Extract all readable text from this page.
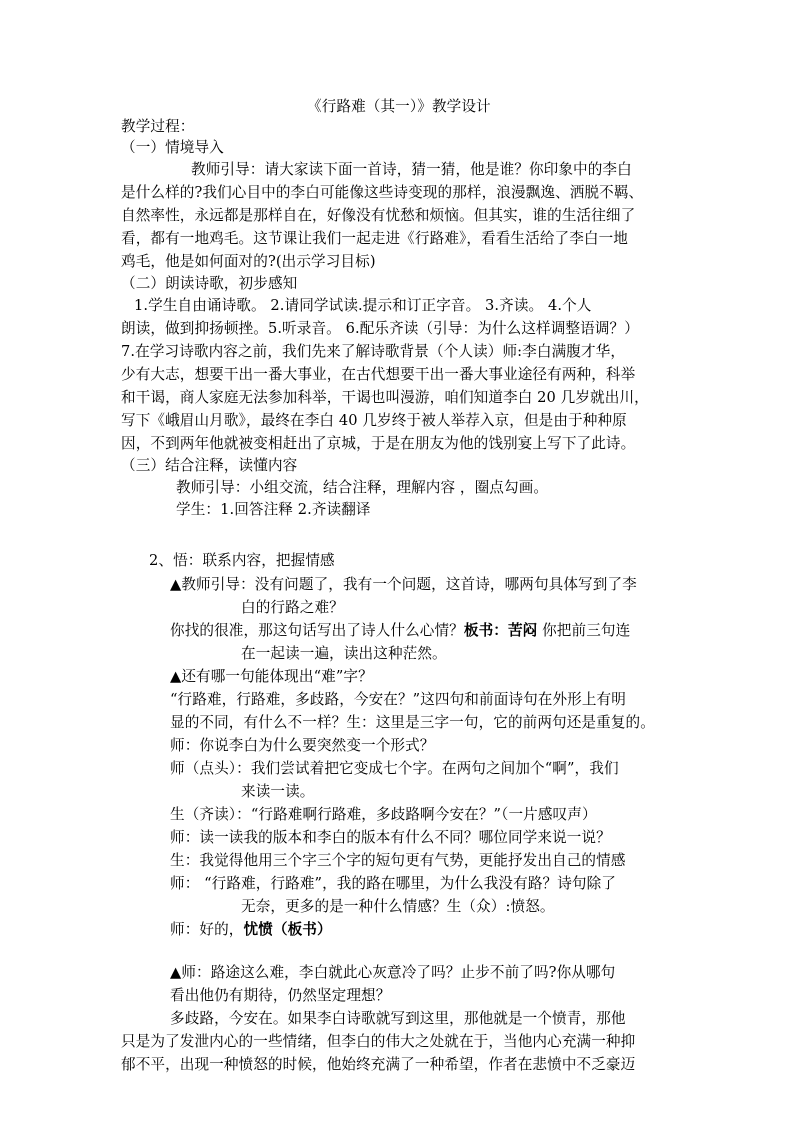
《行路难（其一）》教学设计
教学过程：
（一）情境导入
教师引导：请大家读下面一首诗，猜一猜，他是谁？你印象中的李白
是什么样的?我们心目中的李白可能像这些诗变现的那样，浪漫飘逸、洒脱不羁、
自然率性，永远都是那样自在，好像没有忧愁和烦恼。但其实，谁的生活往细了
看，都有一地鸡毛。这节课让我们一起走进《行路难》，看看生活给了李白一地
鸡毛，他是如何面对的?(出示学习目标)
（二）朗读诗歌，初步感知
1.学生自由诵诗歌。 2.请同学试读.提示和订正字音。 3.齐读。 4.个人
朗读，做到抑扬顿挫。5.听录音。 6.配乐齐读（引导：为什么这样调整语调？）
7.在学习诗歌内容之前，我们先来了解诗歌背景（个人读）师:李白满腹才华，
少有大志，想要干出一番大事业，在古代想要干出一番大事业途径有两种，科举
和干谒，商人家庭无法参加科举，干谒也叫漫游，咱们知道李白 20 几岁就出川，
写下《峨眉山月歌》，最终在李白 40 几岁终于被人举荐入京，但是由于种种原
因，不到两年他就被变相赶出了京城，于是在朋友为他的饯别宴上写下了此诗。
（三）结合注释，读懂内容
教师引导：小组交流，结合注释，理解内容 ，圈点勾画。
学生：1.回答注释 2.齐读翻译
2、悟：联系内容，把握情感
▲教师引导：没有问题了，我有一个问题，这首诗，哪两句具体写到了李
白的行路之难？
你找的很准，那这句话写出了诗人什么心情？板书：苦闷 你把前三句连
在一起读一遍，读出这种茫然。
▲还有哪一句能体现出“难”字？
“行路难，行路难，多歧路，今安在？”这四句和前面诗句在外形上有明
显的不同，有什么不一样？生：这里是三字一句，它的前两句还是重复的。
师：你说李白为什么要突然变一个形式？
师（点头）：我们尝试着把它变成七个字。在两句之间加个“啊”，我们
来读一读。
生（齐读）：“行路难啊行路难，多歧路啊今安在？”（一片感叹声）
师：读一读我的版本和李白的版本有什么不同？哪位同学来说一说？
生：我觉得他用三个字三个字的短句更有气势，更能抒发出自己的情感
师： “行路难，行路难”，我的路在哪里，为什么我没有路？诗句除了
无奈，更多的是一种什么情感？生（众）:愤怒。
师：好的，忧愤（板书）
▲师：路途这么难，李白就此心灰意冷了吗？止步不前了吗?你从哪句
看出他仍有期待，仍然坚定理想？
多歧路，今安在。如果李白诗歌就写到这里，那他就是一个愤青，那他
只是为了发泄内心的一些情绪，但李白的伟大之处就在于，当他内心充满一种抑
郁不平，出现一种愤怒的时候，他始终充满了一种希望，作者在悲愤中不乏豪迈
